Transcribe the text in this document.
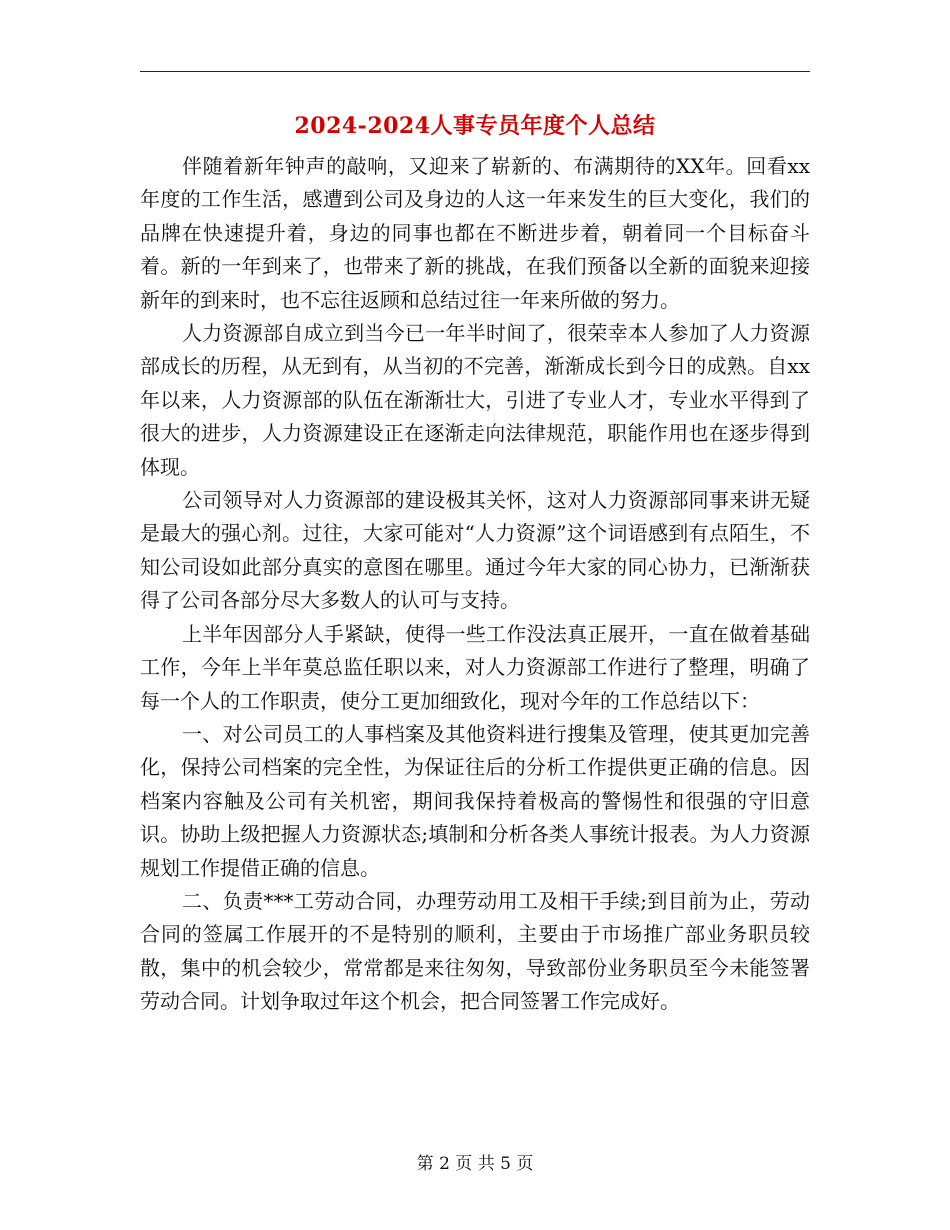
2024-2024人事专员年度个人总结

伴随着新年钟声的敲响，又迎来了崭新的、布满期待的XX年。回看xx年度的工作生活，感遭到公司及身边的人这一年来发生的巨大变化，我们的品牌在快速提升着，身边的同事也都在不断进步着，朝着同一个目标奋斗着。新的一年到来了，也带来了新的挑战，在我们预备以全新的面貌来迎接新年的到来时，也不忘往返顾和总结过往一年来所做的努力。

人力资源部自成立到当今已一年半时间了，很荣幸本人参加了人力资源部成长的历程，从无到有，从当初的不完善，渐渐成长到今日的成熟。自xx年以来，人力资源部的队伍在渐渐壮大，引进了专业人才，专业水平得到了很大的进步，人力资源建设正在逐渐走向法律规范，职能作用也在逐步得到体现。

公司领导对人力资源部的建设极其关怀，这对人力资源部同事来讲无疑是最大的强心剂。过往，大家可能对“人力资源”这个词语感到有点陌生，不知公司设如此部分真实的意图在哪里。通过今年大家的同心协力，已渐渐获得了公司各部分尽大多数人的认可与支持。

上半年因部分人手紧缺，使得一些工作没法真正展开，一直在做着基础工作，今年上半年莫总监任职以来，对人力资源部工作进行了整理，明确了每一个人的工作职责，使分工更加细致化，现对今年的工作总结以下：

一、对公司员工的人事档案及其他资料进行搜集及管理，使其更加完善化，保持公司档案的完全性，为保证往后的分析工作提供更正确的信息。因档案内容触及公司有关机密，期间我保持着极高的警惕性和很强的守旧意识。协助上级把握人力资源状态;填制和分析各类人事统计报表。为人力资源规划工作提借正确的信息。

二、负责***工劳动合同，办理劳动用工及相干手续;到目前为止，劳动合同的签属工作展开的不是特别的顺利，主要由于市场推广部业务职员较散，集中的机会较少，常常都是来往匆匆，导致部份业务职员至今未能签署劳动合同。计划争取过年这个机会，把合同签署工作完成好。

第 2 页 共 5 页
